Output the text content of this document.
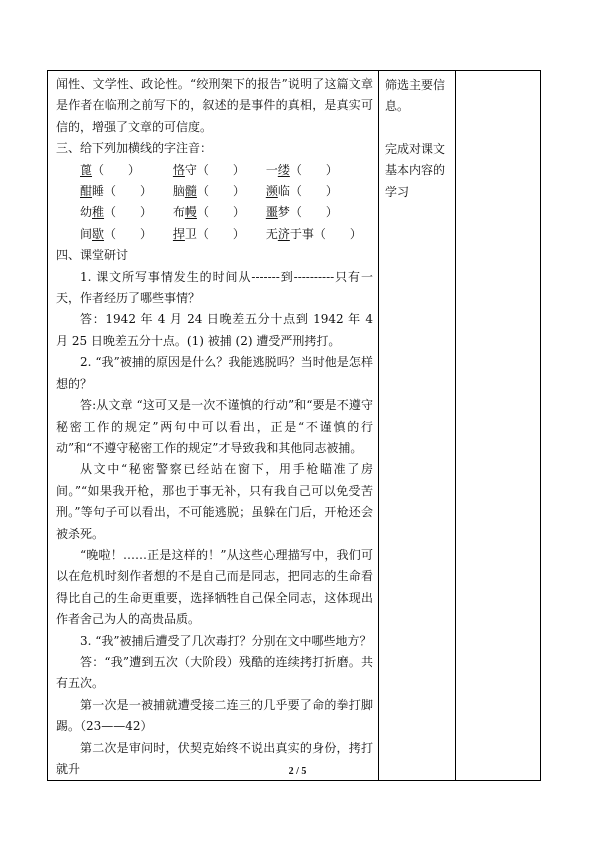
闻性、文学性、政论性。“绞刑架下的报告”说明了这篇文章是作者在临刑之前写下的，叙述的是事件的真相，是真实可信的，增强了文章的可信度。

三、给下列加横线的字注音：

蓖（　　）	恪守（　　）	一缕（　　）
酣睡（　　）	脑髓（　　）	濒临（　　）
幼稚（　　）	布幔（　　）	噩梦（　　）
间歇（　　）	捍卫（　　）	无济于事（　　）

四、课堂研讨

1. 课文所写事情发生的时间从-------到----------只有一天，作者经历了哪些事情？

答：1942 年 4 月 24 日晚差五分十点到 1942 年 4 月 25 日晚差五分十点。(1) 被捕 (2) 遭受严刑拷打。

2. “我”被捕的原因是什么？我能逃脱吗？当时他是怎样想的？

答:从文章 “这可又是一次不谨慎的行动”和“要是不遵守秘密工作的规定”两句中可以看出，正是“不谨慎的行动”和“不遵守秘密工作的规定”才导致我和其他同志被捕。

从文中“秘密警察已经站在窗下，用手枪瞄准了房间。”“如果我开枪，那也于事无补，只有我自己可以免受苦刑。”等句子可以看出，不可能逃脱；虽躲在门后，开枪还会被杀死。

“晚啦！……正是这样的！”从这些心理描写中，我们可以在危机时刻作者想的不是自己而是同志，把同志的生命看得比自己的生命更重要，选择牺牲自己保全同志，这体现出作者舍己为人的高贵品质。

3. “我”被捕后遭受了几次毒打？分别在文中哪些地方？

答：“我”遭到五次（大阶段）残酷的连续拷打折磨。共有五次。

第一次是一被捕就遭受接二连三的几乎要了命的拳打脚踢。（23——42）

第二次是审问时，伏契克始终不说出真实的身份，拷打就升

筛选主要信息。

完成对课文基本内容的学习

2 / 5
